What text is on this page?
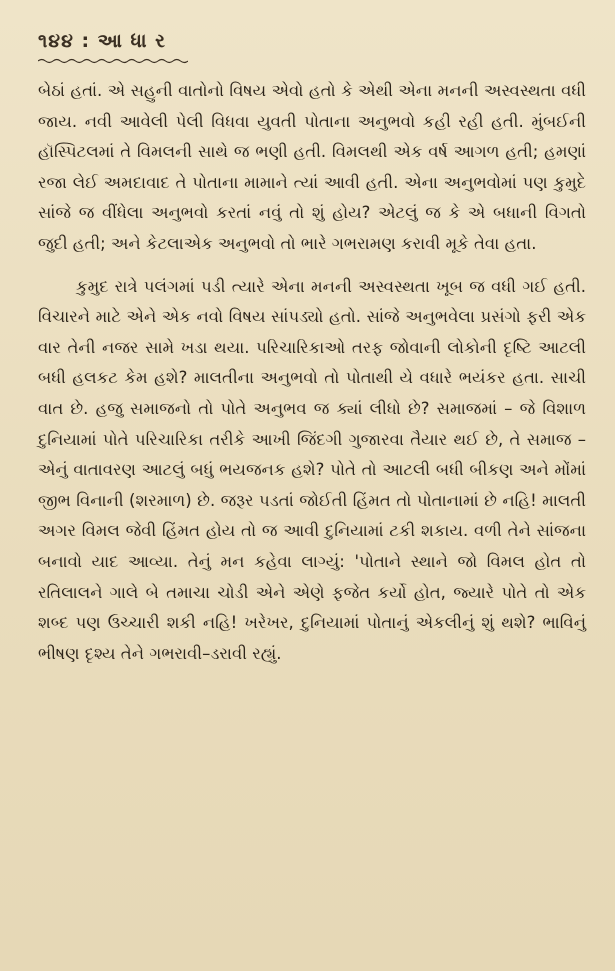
૧૪૪ : આ ધા ર

બેઠાં હતાં. એ સહુની વાતોનો વિષય એવો હતો કે એથી એના મનની અસ્વસ્થતા વધી જાય. નવી આવેલી પેલી વિધવા યુવતી પોતાના અનુભવો કહી રહી હતી. મુંબઈની હૉસ્પિટલમાં તે વિમલની સાથે જ ભણી હતી. વિમલથી એક વર્ષ આગળ હતી; હમણાં રજા લેઈ અમદાવાદ તે પોતાના મામાને ત્યાં આવી હતી. એના અનુભવોમાં પણ કુમુદે સાંજે જ વીંધેલા અનુભવો કરતાં નવું તો શું હોય? એટલું જ કે એ બધાની વિગતો જુદી હતી; અને કેટલાએક અનુભવો તો ભારે ગભરામણ કરાવી મૂકે તેવા હતા.

કુમુદ રાત્રે પલંગમાં પડી ત્યારે એના મનની અસ્વસ્થતા ખૂબ જ વધી ગઈ હતી. વિચારને માટે એને એક નવો વિષય સાંપડ્યો હતો. સાંજે અનુભવેલા પ્રસંગો ફરી એક વાર તેની નજર સામે ખડા થયા. પરિચારિકાઓ તરફ જોવાની લોકોની દૃષ્ટિ આટલી બધી હલકટ કેમ હશે? માલતીના અનુભવો તો પોતાથી યે વધારે ભયંકર હતા. સાચી વાત છે. હજુ સમાજનો તો પોતે અનુભવ જ ક્યાં લીધો છે? સમાજમાં – જે વિશાળ દુનિયામાં પોતે પરિચારિકા તરીકે આખી જિંદગી ગુજારવા તૈયાર થઈ છે, તે સમાજ – એનું વાતાવરણ આટલું બધું ભયજનક હશે? પોતે તો આટલી બધી બીકણ અને મોંમાં જીભ વિનાની (શરમાળ) છે. જરૂર પડતાં જોઈતી હિંમત તો પોતાનામાં છે નહિ! માલતી અગર વિમલ જેવી હિંમત હોય તો જ આવી દુનિયામાં ટકી શકાય. વળી તેને સાંજના બનાવો યાદ આવ્યા. તેનું મન કહેવા લાગ્યું: 'પોતાને સ્થાને જો વિમલ હોત તો રતિલાલને ગાલે બે તમાચા ચોડી એને એણે ફજેત કર્યો હોત, જ્યારે પોતે તો એક શબ્દ પણ ઉચ્ચારી શકી નહિ! ખરેખર, દુનિયામાં પોતાનું એકલીનું શું થશે? ભાવિનું ભીષણ દૃશ્ય તેને ગભરાવી–ડરાવી રહ્યું.
